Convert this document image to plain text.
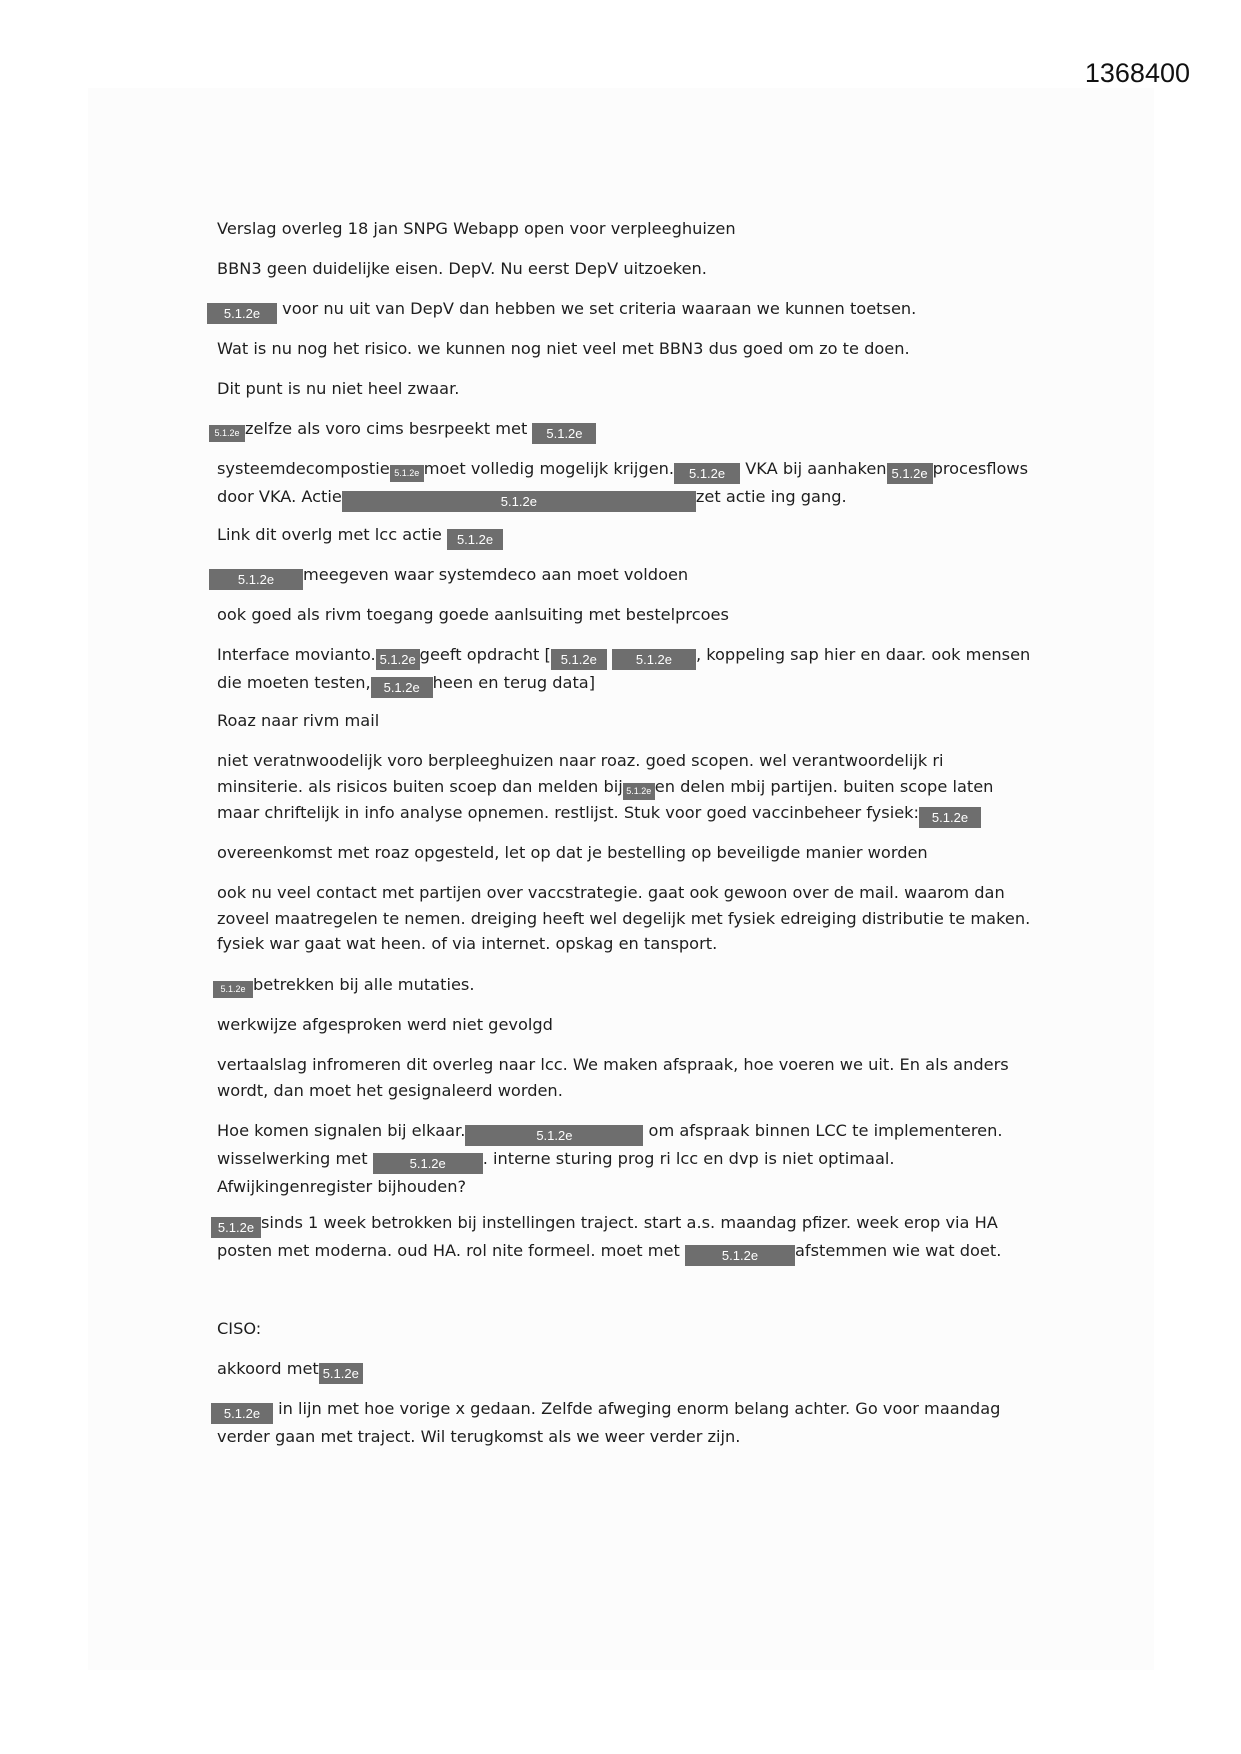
1368400
Verslag overleg 18 jan SNPG Webapp open voor verpleeghuizen
BBN3 geen duidelijke eisen. DepV. Nu eerst DepV uitzoeken.
5.1.2e voor nu uit van DepV dan hebben we set criteria waaraan we kunnen toetsen.
Wat is nu nog het risico. we kunnen nog niet veel met BBN3 dus goed om zo te doen.
Dit punt is nu niet heel zwaar.
5.1.2e zelfze als voro cims besrpeekt met 5.1.2e
systeemdecompostie 5.1.2e moet volledig mogelijk krijgen. 5.1.2e VKA bij aanhaken 5.1.2e procesflows
door VKA. Actie	5.1.2e	zet actie ing gang.
Link dit overlg met lcc actie 5.1.2e
5.1.2e meegeven waar systemdeco aan moet voldoen
ook goed als rivm toegang goede aanlsuiting met bestelprcoes
Interface movianto. 5.1.2e geeft opdracht [ 5.1.2e	5.1.2e , koppeling sap hier en daar. ook mensen
die moeten testen, 5.1.2e heen en terug data]
Roaz naar rivm mail
niet veratnwoodelijk voro berpleeghuizen naar roaz. goed scopen. wel verantwoordelijk ri
minsiterie. als risicos buiten scoep dan melden bij 5.1.2e en delen mbij partijen. buiten scope laten
maar chriftelijk in info analyse opnemen. restlijst. Stuk voor goed vaccinbeheer fysiek: 5.1.2e
overeenkomst met roaz opgesteld, let op dat je bestelling op beveiligde manier worden
ook nu veel contact met partijen over vaccstrategie. gaat ook gewoon over de mail. waarom dan
zoveel maatregelen te nemen. dreiging heeft wel degelijk met fysiek edreiging distributie te maken.
fysiek war gaat wat heen. of via internet. opskag en tansport.
5.1.2e betrekken bij alle mutaties.
werkwijze afgesproken werd niet gevolgd
vertaalslag infromeren dit overleg naar lcc. We maken afspraak, hoe voeren we uit. En als anders
wordt, dan moet het gesignaleerd worden.
Hoe komen signalen bij elkaar.	5.1.2e	om afspraak binnen LCC te implementeren.
wisselwerking met	5.1.2e . interne sturing prog ri lcc en dvp is niet optimaal.
Afwijkingenregister bijhouden?
5.1.2e sinds 1 week betrokken bij instellingen traject. start a.s. maandag pfizer. week erop via HA
posten met moderna. oud HA. rol nite formeel. moet met	5.1.2e afstemmen wie wat doet.
CISO:
akkoord met 5.1.2e
5.1.2e in lijn met hoe vorige x gedaan. Zelfde afweging enorm belang achter. Go voor maandag
verder gaan met traject. Wil terugkomst als we weer verder zijn.
